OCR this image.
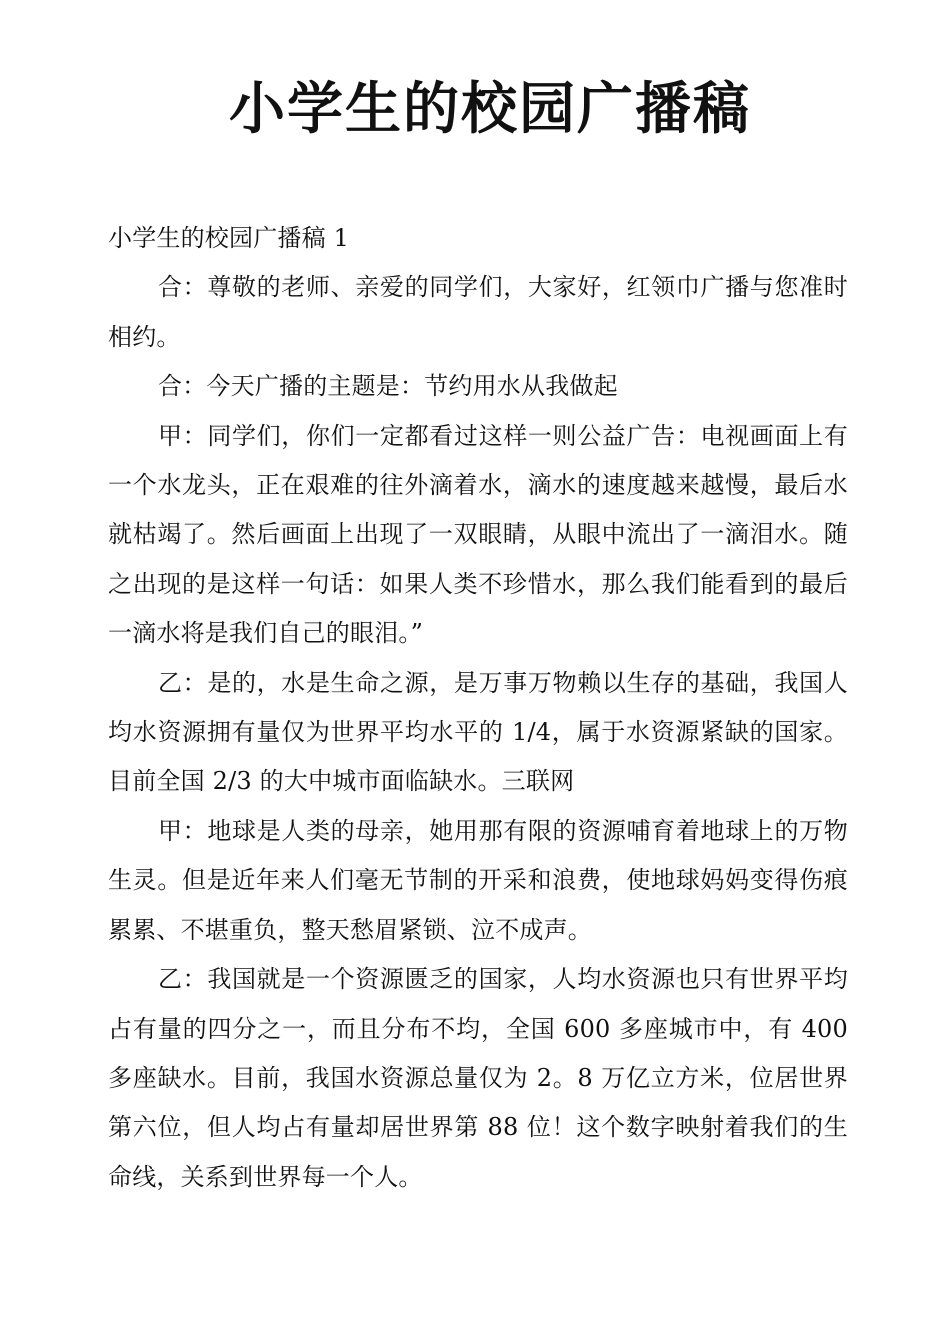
小学生的校园广播稿

小学生的校园广播稿 1

合：尊敬的老师、亲爱的同学们，大家好，红领巾广播与您准时相约。

合：今天广播的主题是：节约用水从我做起

甲：同学们，你们一定都看过这样一则公益广告：电视画面上有一个水龙头，正在艰难的往外滴着水，滴水的速度越来越慢，最后水就枯竭了。然后画面上出现了一双眼睛，从眼中流出了一滴泪水。随之出现的是这样一句话：如果人类不珍惜水，那么我们能看到的最后一滴水将是我们自己的眼泪。”

乙：是的，水是生命之源，是万事万物赖以生存的基础，我国人均水资源拥有量仅为世界平均水平的 1/4，属于水资源紧缺的国家。目前全国 2/3 的大中城市面临缺水。三联网

甲：地球是人类的母亲，她用那有限的资源哺育着地球上的万物生灵。但是近年来人们毫无节制的开采和浪费，使地球妈妈变得伤痕累累、不堪重负，整天愁眉紧锁、泣不成声。

乙：我国就是一个资源匮乏的国家，人均水资源也只有世界平均占有量的四分之一，而且分布不均，全国 600 多座城市中，有 400 多座缺水。目前，我国水资源总量仅为 2。8 万亿立方米，位居世界第六位，但人均占有量却居世界第 88 位！这个数字映射着我们的生命线，关系到世界每一个人。
